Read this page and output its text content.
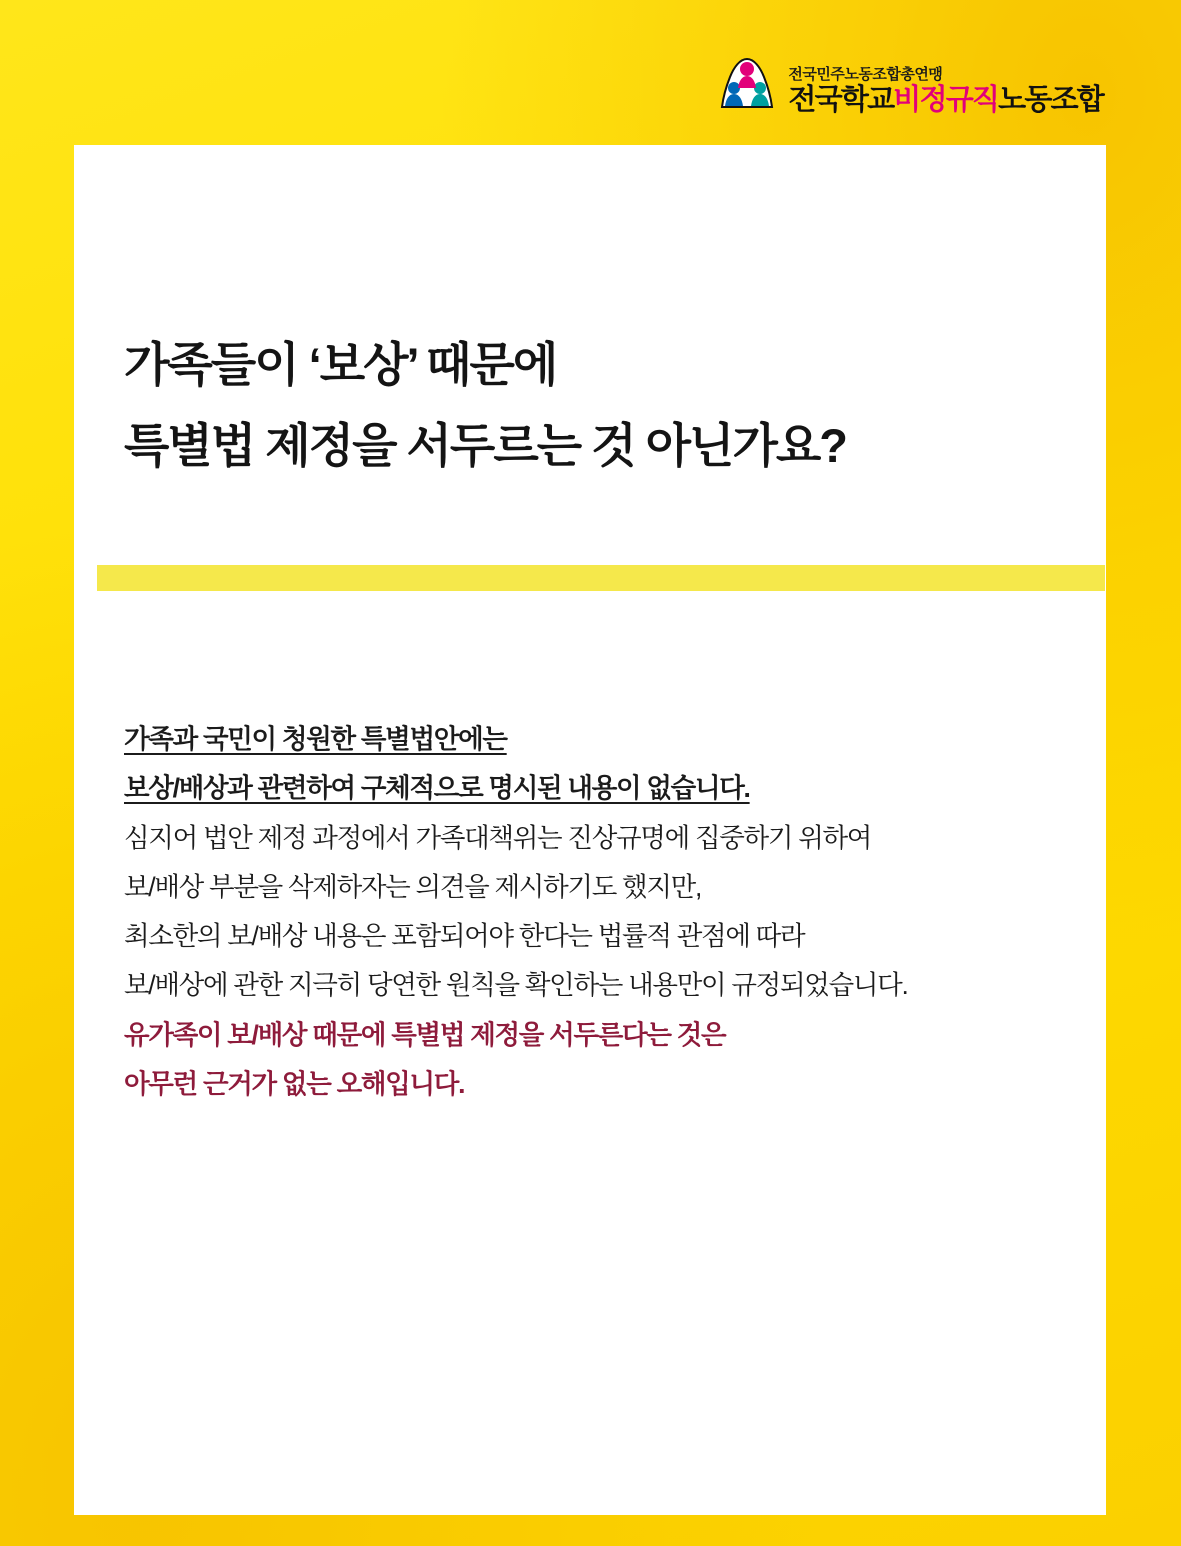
전국민주노동조합총연맹
전국학교비정규직노동조합
가족들이 ‘보상’ 때문에
특별법 제정을 서두르는 것 아닌가요?

가족과 국민이 청원한 특별법안에는

보상/배상과 관련하여 구체적으로 명시된 내용이 없습니다.

심지어 법안 제정 과정에서 가족대책위는 진상규명에 집중하기 위하여

보/배상 부분을 삭제하자는 의견을 제시하기도 했지만,

최소한의 보/배상 내용은 포함되어야 한다는 법률적 관점에 따라

보/배상에 관한 지극히 당연한 원칙을 확인하는 내용만이 규정되었습니다.

유가족이 보/배상 때문에 특별법 제정을 서두른다는 것은

아무런 근거가 없는 오해입니다.
